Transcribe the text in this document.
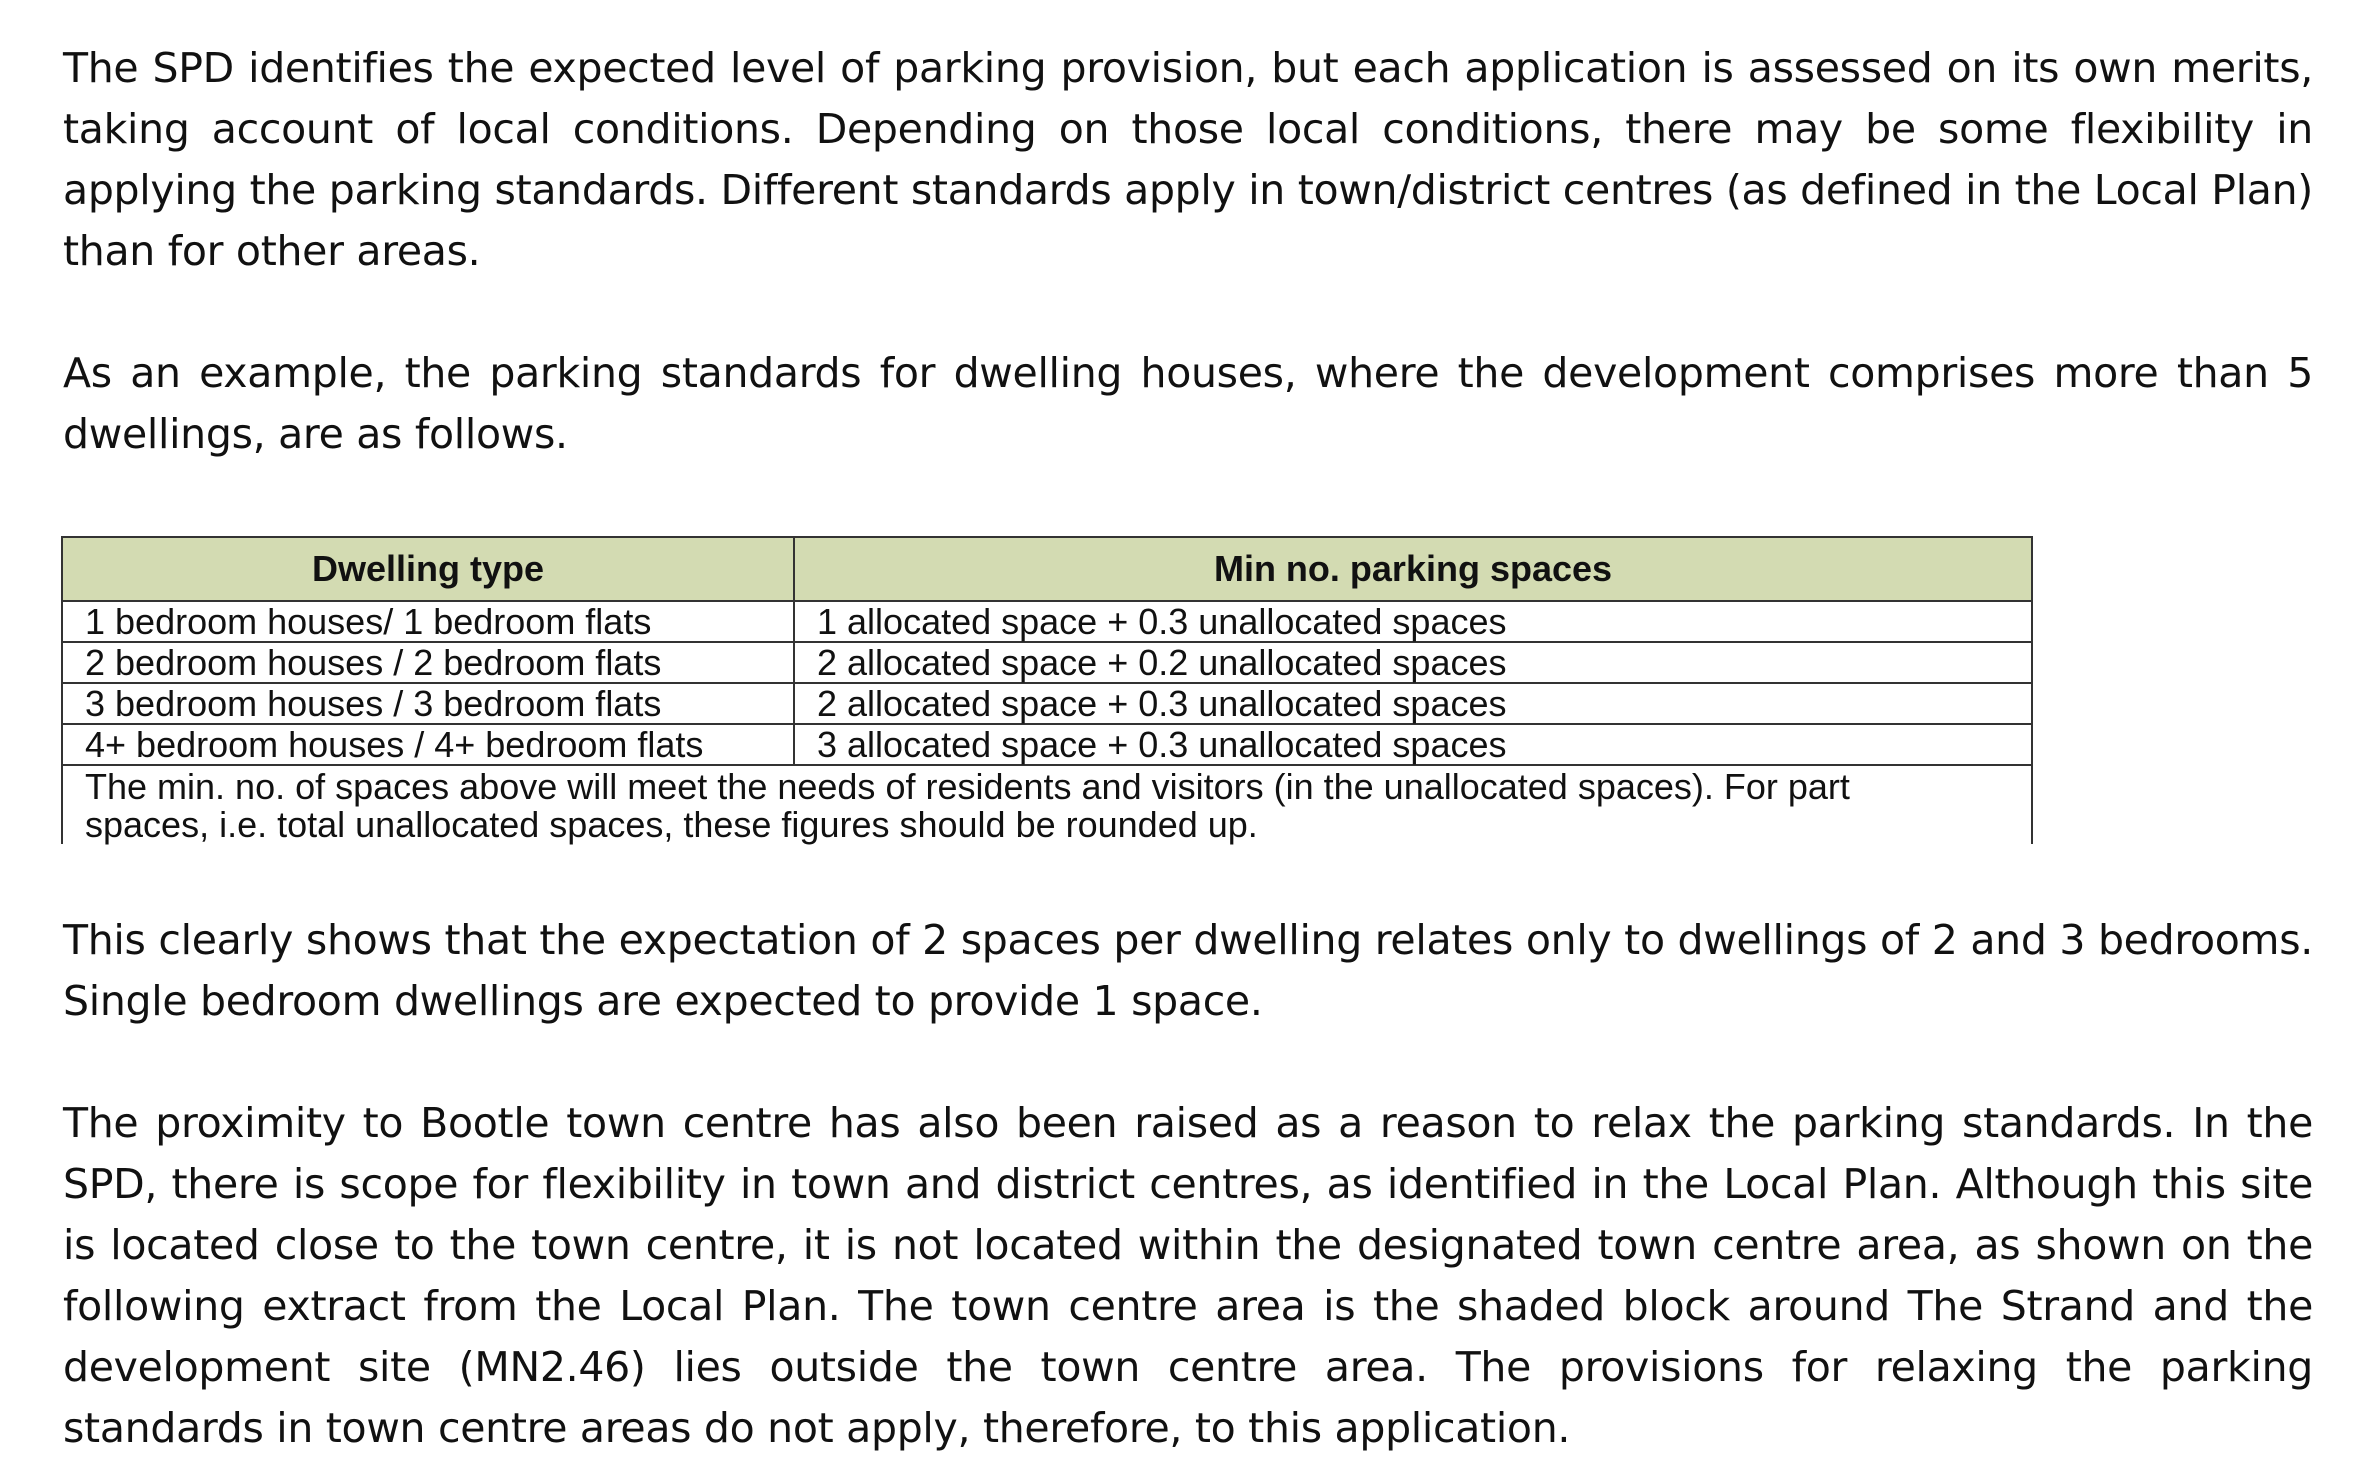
The SPD identifies the expected level of parking provision, but each application is assessed on its own merits, taking account of local conditions. Depending on those local conditions, there may be some flexibility in applying the parking standards. Different standards apply in town/district centres (as defined in the Local Plan) than for other areas.

As an example, the parking standards for dwelling houses, where the development comprises more than 5 dwellings, are as follows.

Dwelling type	Min no. parking spaces
1 bedroom houses/ 1 bedroom flats	1 allocated space + 0.3 unallocated spaces
2 bedroom houses / 2 bedroom flats	2 allocated space + 0.2 unallocated spaces
3 bedroom houses / 3 bedroom flats	2 allocated space + 0.3 unallocated spaces
4+ bedroom houses / 4+ bedroom flats	3 allocated space + 0.3 unallocated spaces
The min. no. of spaces above will meet the needs of residents and visitors (in the unallocated spaces). For part spaces, i.e. total unallocated spaces, these figures should be rounded up.	

This clearly shows that the expectation of 2 spaces per dwelling relates only to dwellings of 2 and 3 bedrooms. Single bedroom dwellings are expected to provide 1 space.

The proximity to Bootle town centre has also been raised as a reason to relax the parking standards. In the SPD, there is scope for flexibility in town and district centres, as identified in the Local Plan. Although this site is located close to the town centre, it is not located within the designated town centre area, as shown on the following extract from the Local Plan. The town centre area is the shaded block around The Strand and the development site (MN2.46) lies outside the town centre area. The provisions for relaxing the parking standards in town centre areas do not apply, therefore, to this application.
